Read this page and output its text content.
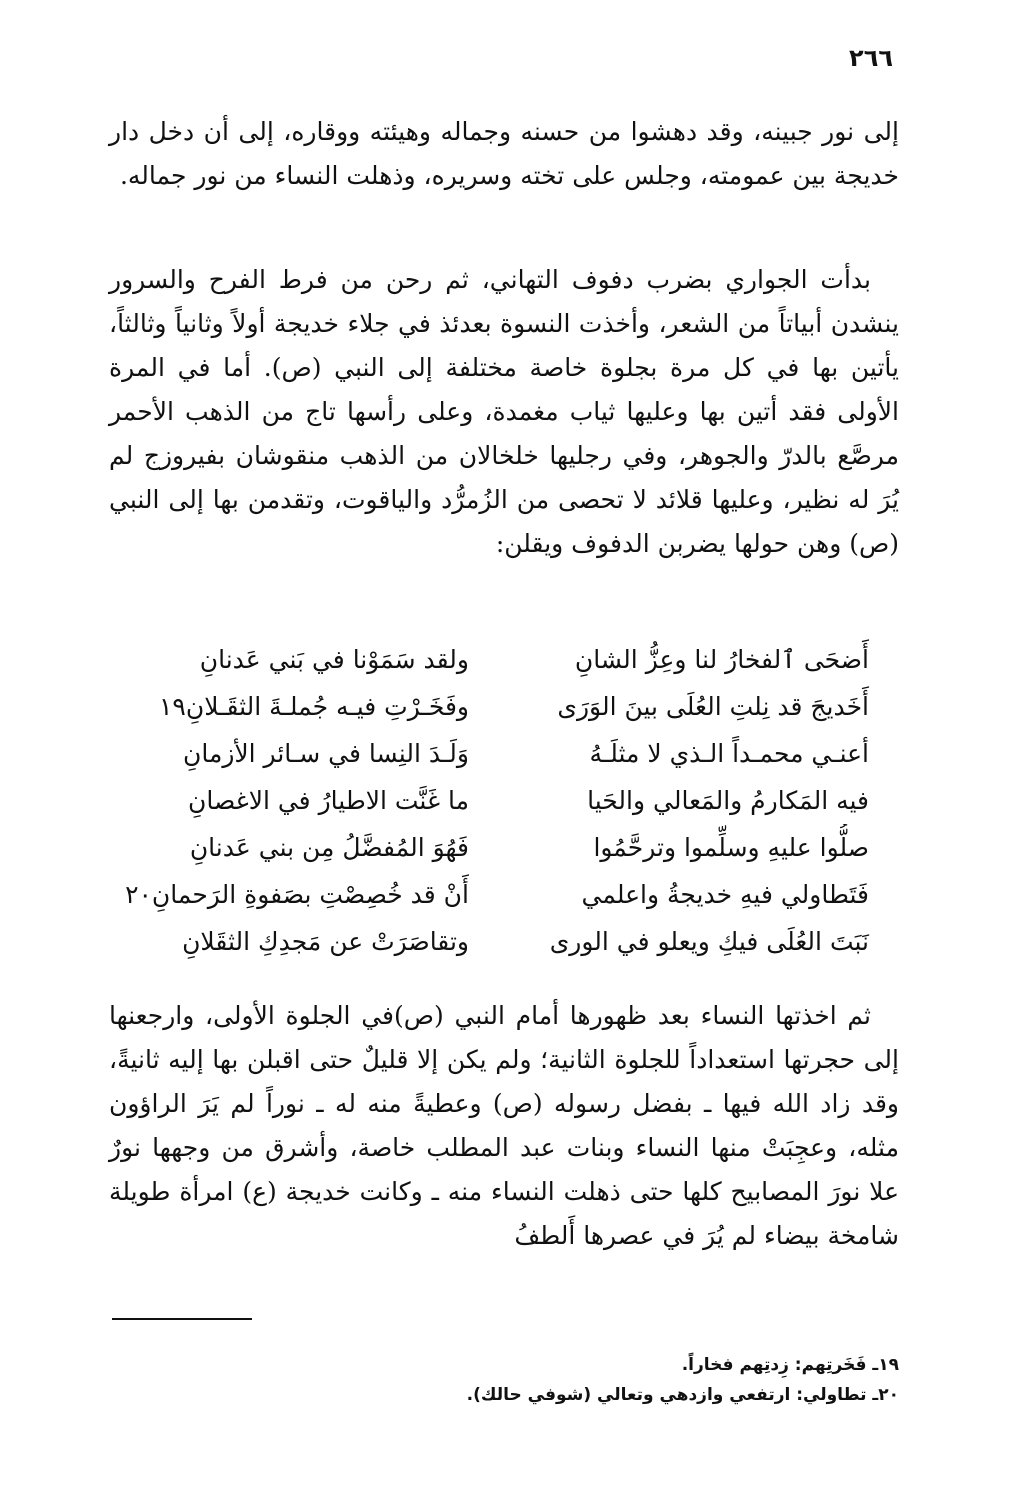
٢٦٦

إلى نور جبينه، وقد دهشوا من حسنه وجماله وهيئته ووقاره، إلى أن دخل دار خديجة بين عمومته، وجلس على تخته وسريره، وذهلت النساء من نور جماله.

بدأت الجواري بضرب دفوف التهاني، ثم رحن من فرط الفرح والسرور ينشدن أبياتاً من الشعر، وأخذت النسوة بعدئذ في جلاء خديجة أولاً وثانياً وثالثاً، يأتين بها في كل مرة بجلوة خاصة مختلفة إلى النبي (ص). أما في المرة الأولى فقد أتين بها وعليها ثياب مغمدة، وعلى رأسها تاج من الذهب الأحمر مرصَّع بالدرّ والجوهر، وفي رجليها خلخالان من الذهب منقوشان بفيروزج لم يُرَ له نظير، وعليها قلائد لا تحصى من الزُمرُّد والياقوت، وتقدمن بها إلى النبي (ص) وهن حولها يضربن الدفوف ويقلن:

أَضحَى ٱلفخارُ لنا وعِزُّ الشانِ
ولقد سَمَوْنا في بَني عَدنانِ
أَخَديجَ قد نِلتِ العُلَى بينَ الوَرَى
وفَخَـرْتِ فيـه جُملـةَ الثقَـلانِ١٩
أعنـي محمـداً الـذي لا مثلَـهُ
وَلَـدَ النِسا في سـائر الأزمانِ
فيه المَكارمُ والمَعالي والحَيا
ما غَنَّت الاطيارُ في الاغصانِ
صلُّوا عليهِ وسلِّموا وترحَّمُوا
فَهُوَ المُفضَّلُ مِن بني عَدنانِ
فَتَطاولي فيهِ خديجةُ واعلمي
أَنْ قد خُصِصْتِ بصَفوةِ الرَحمانِ٢٠
نَبَتَ العُلَى فيكِ ويعلو في الورى
وتقاصَرَتْ عن مَجدِكِ الثقَلانِ

ثم اخذتها النساء بعد ظهورها أمام النبي (ص)في الجلوة الأولى، وارجعنها إلى حجرتها استعداداً للجلوة الثانية؛ ولم يكن إلا قليلٌ حتى اقبلن بها إليه ثانيةً، وقد زاد الله فيها ـ بفضل رسوله (ص) وعطيةً منه له ـ نوراً لم يَرَ الراؤون مثله، وعجِبَتْ منها النساء وبنات عبد المطلب خاصة، وأشرق من وجهها نورٌ علا نورَ المصابيح كلها حتى ذهلت النساء منه ـ وكانت خديجة (ع) امرأة طويلة شامخة بيضاء لم يُرَ في عصرها أَلطفُ

١٩ـ فَخَرتِهم: زِدتِهم فخاراً.

٢٠ـ تطاولي: ارتفعي وازدهي وتعالي (شوفي حالك).
